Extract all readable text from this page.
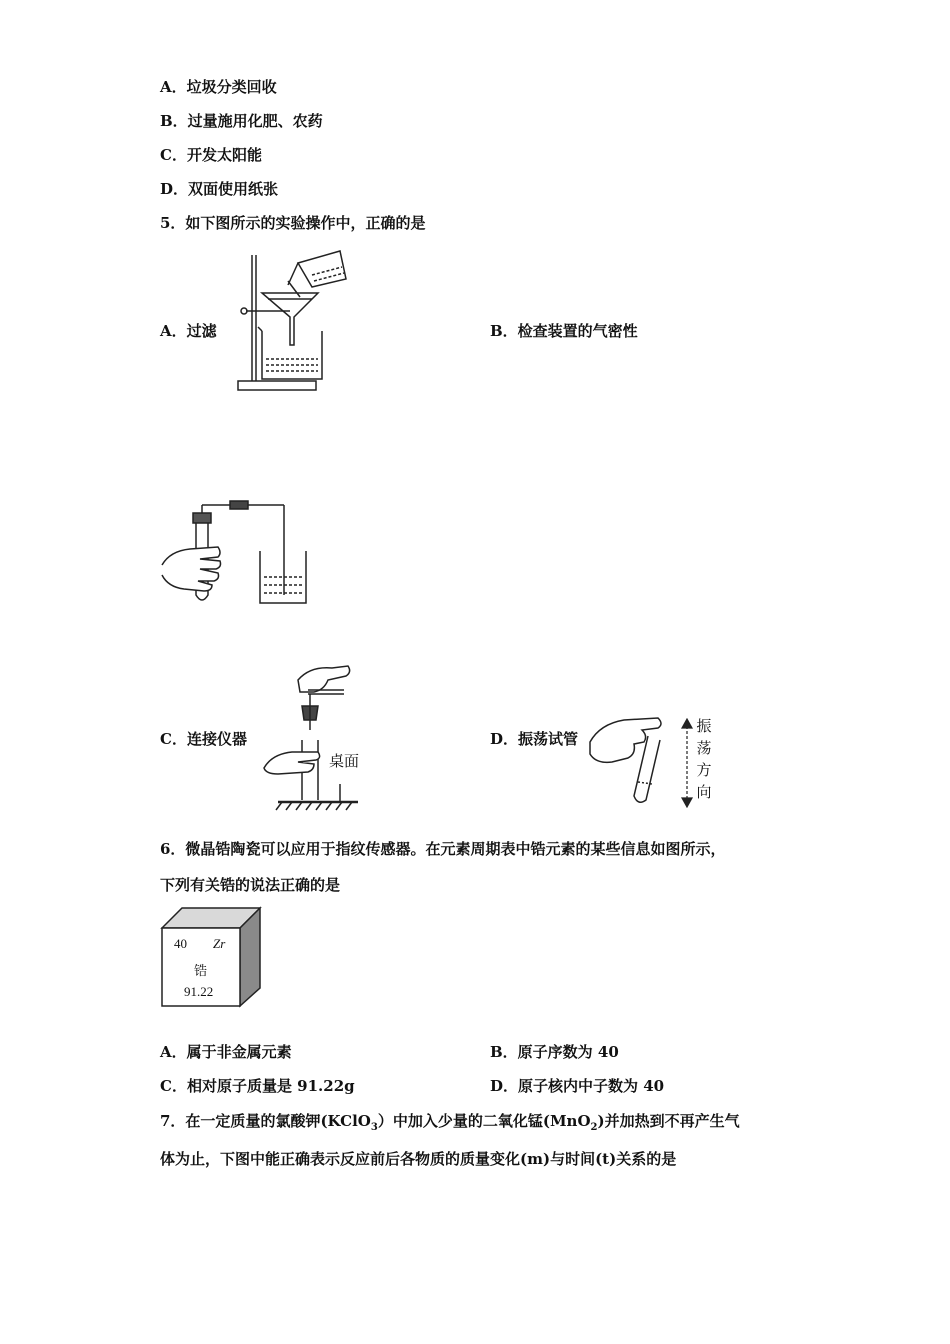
A．垃圾分类回收
B．过量施用化肥、农药
C．开发太阳能
D．双面使用纸张
5．如下图所示的实验操作中，正确的是
A．过滤	B．检查装置的气密性
C．连接仪器	D．振荡试管
桌面
振
荡
方
向
6．微晶锆陶瓷可以应用于指纹传感器。在元素周期表中锆元素的某些信息如图所示，
下列有关锆的说法正确的是
40 Zr
锆
91.22
A．属于非金属元素	B．原子序数为 40
C．相对原子质量是 91.22g	D．原子核内中子数为 40
7．在一定质量的氯酸钾(KClO$_3$）中加入少量的二氧化锰(MnO$_2$)并加热到不再产生气
体为止，下图中能正确表示反应前后各物质的质量变化(m)与时间(t)关系的是
